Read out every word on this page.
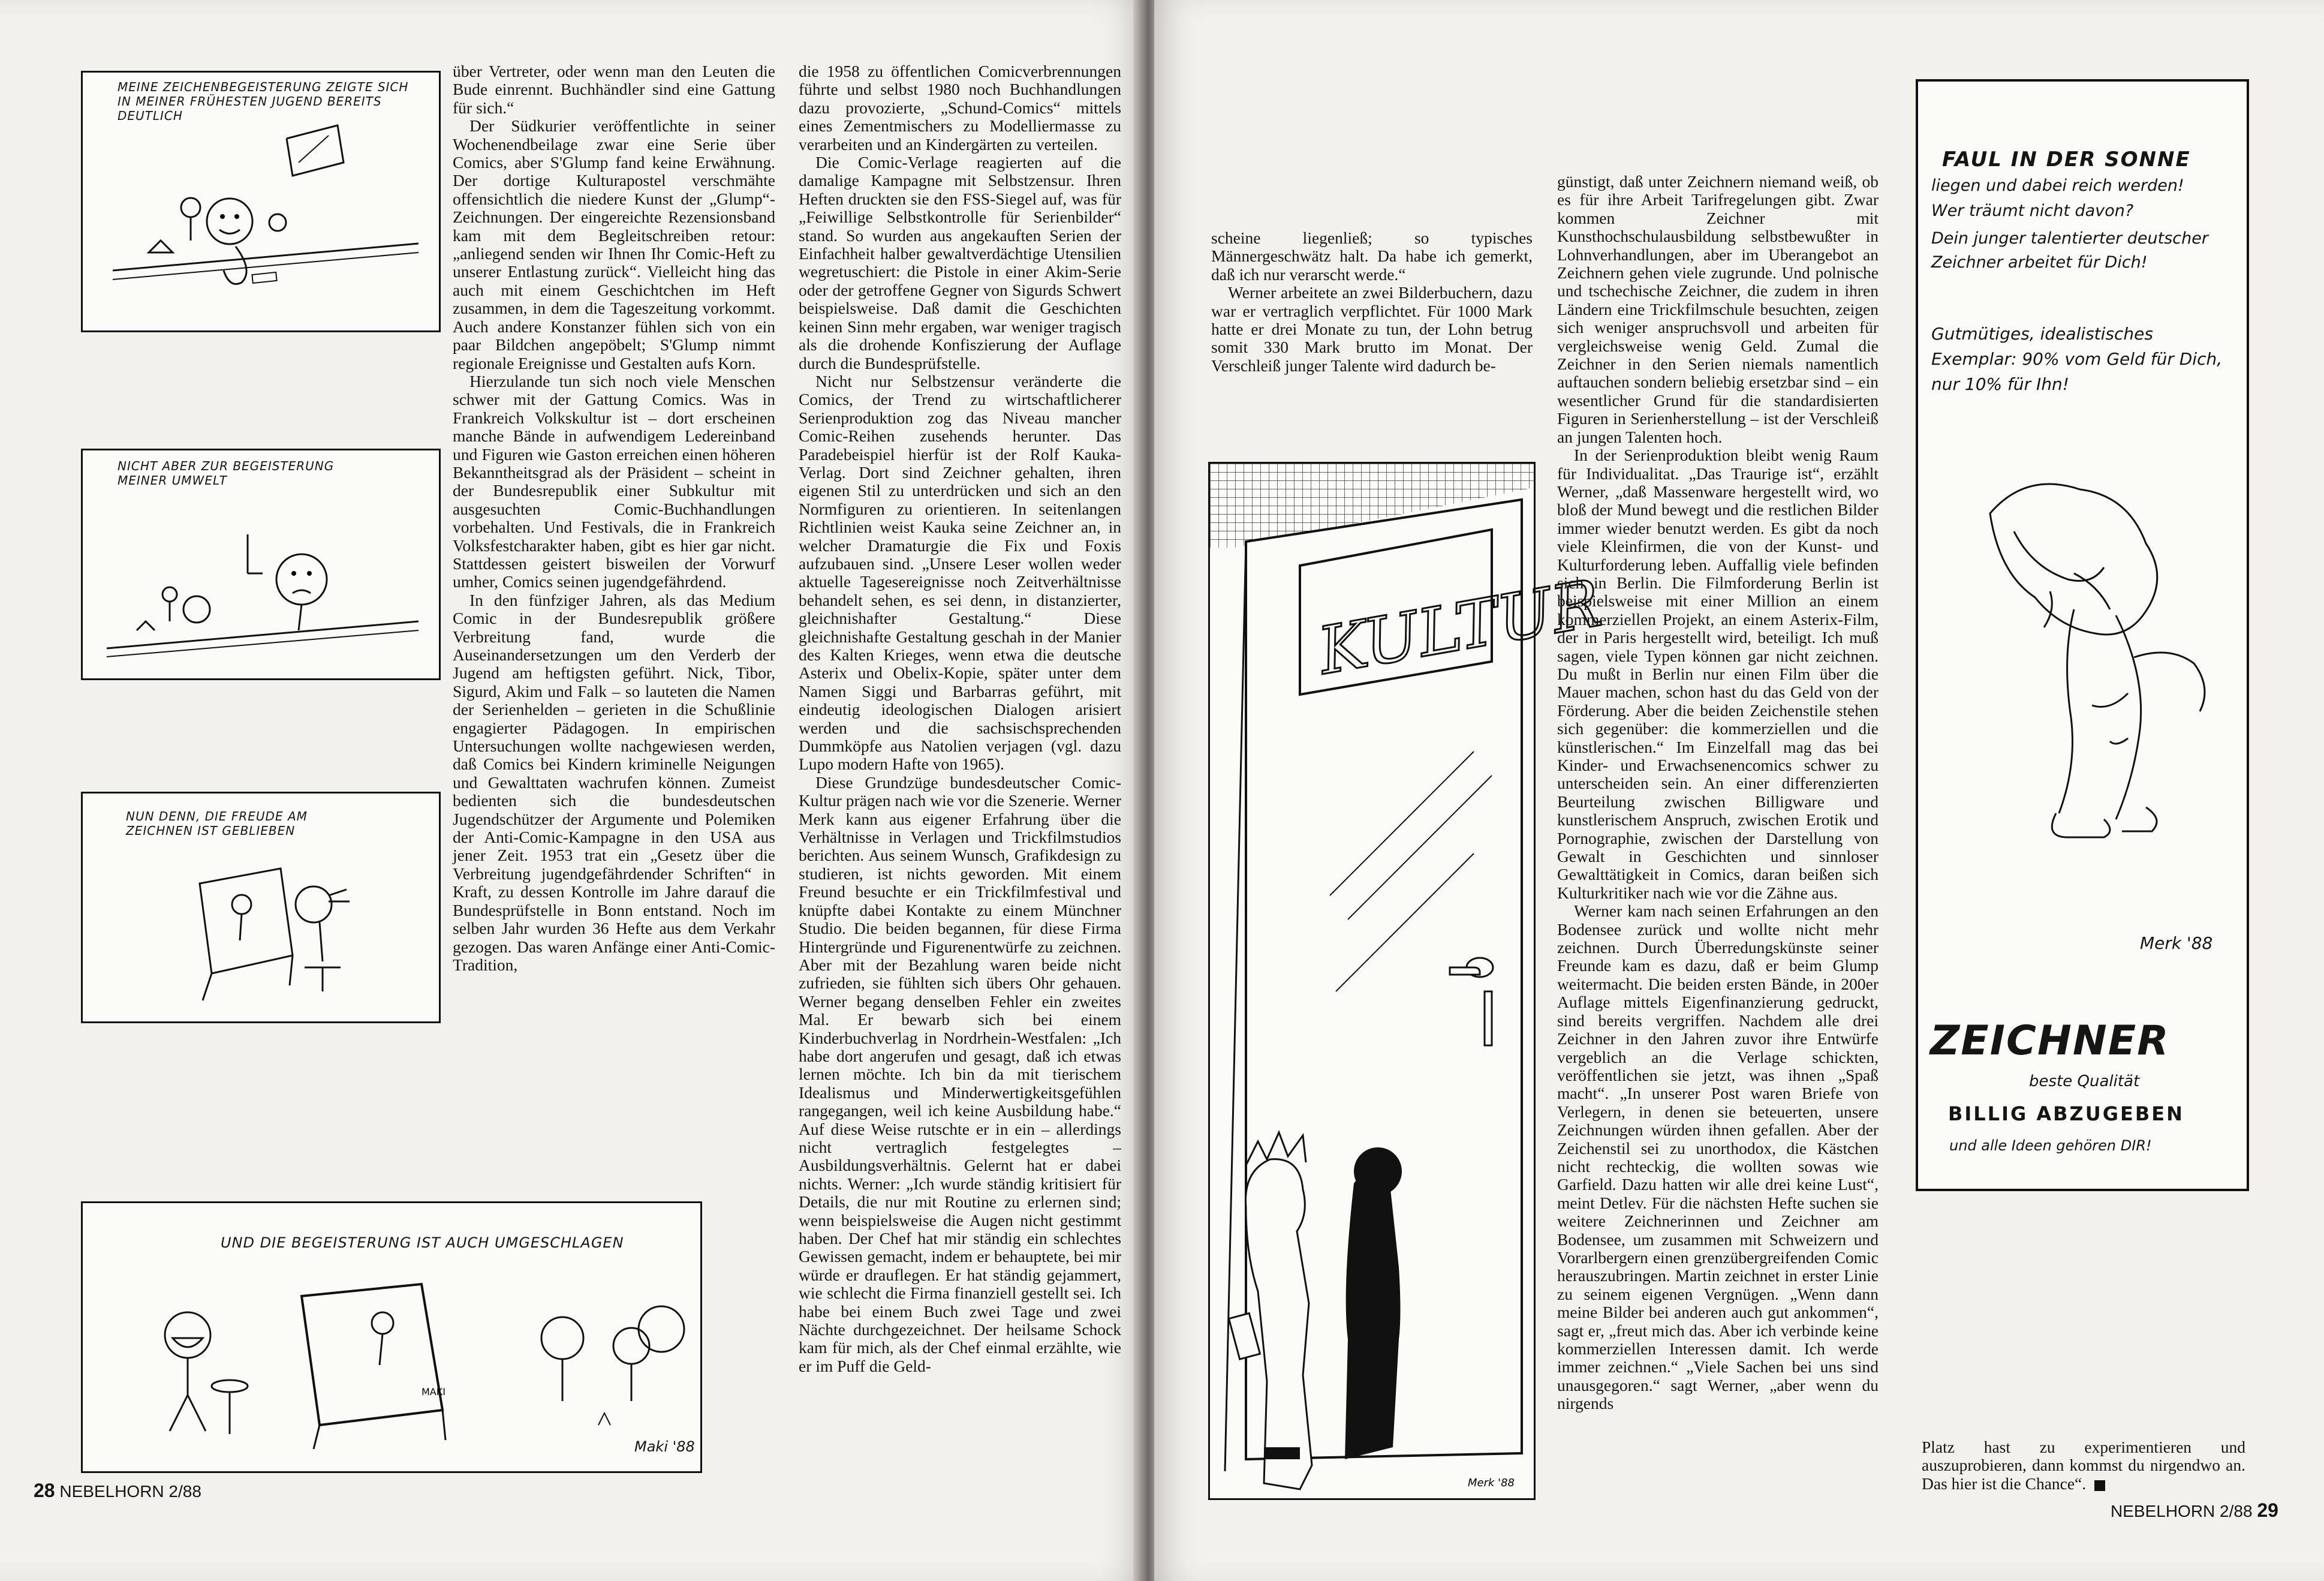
MEINE ZEICHENBEGEISTERUNG ZEIGTE SICH IN MEINER FRÜHESTEN JUGEND BEREITS DEUTLICH
NICHT ABER ZUR BEGEISTERUNG MEINER UMWELT
NUN DENN, DIE FREUDE AM ZEICHNEN IST GEBLIEBEN
UND DIE BEGEISTERUNG IST AUCH UMGESCHLAGEN
MAKI
Maki '88

über Vertreter, oder wenn man den Leuten die Bude einrennt. Buchhändler sind eine Gattung für sich.“

Der Südkurier veröffentlichte in seiner Wochenendbeilage zwar eine Serie über Comics, aber S'Glump fand keine Erwähnung. Der dortige Kulturapostel verschmähte offensichtlich die niedere Kunst der „Glump“-Zeichnungen. Der eingereichte Rezensionsband kam mit dem Begleitschreiben retour: „anliegend senden wir Ihnen Ihr Comic-Heft zu unserer Entlastung zurück“. Vielleicht hing das auch mit einem Geschichtchen im Heft zusammen, in dem die Tageszeitung vorkommt. Auch andere Konstanzer fühlen sich von ein paar Bildchen angepöbelt; S'Glump nimmt regionale Ereignisse und Gestalten aufs Korn.

Hierzulande tun sich noch viele Menschen schwer mit der Gattung Comics. Was in Frankreich Volkskultur ist – dort erscheinen manche Bände in aufwendigem Ledereinband und Figuren wie Gaston erreichen einen höheren Bekanntheitsgrad als der Präsident – scheint in der Bundesrepublik einer Subkultur mit ausgesuchten Comic-Buchhandlungen vorbehalten. Und Festivals, die in Frankreich Volksfestcharakter haben, gibt es hier gar nicht. Stattdessen geistert bisweilen der Vorwurf umher, Comics seinen jugendgefährdend.

In den fünfziger Jahren, als das Medium Comic in der Bundesrepublik größere Verbreitung fand, wurde die Auseinandersetzungen um den Verderb der Jugend am heftigsten geführt. Nick, Tibor, Sigurd, Akim und Falk – so lauteten die Namen der Serienhelden – gerieten in die Schußlinie engagierter Pädagogen. In empirischen Untersuchungen wollte nachgewiesen werden, daß Comics bei Kindern kriminelle Neigungen und Gewalttaten wachrufen können. Zumeist bedienten sich die bundesdeutschen Jugendschützer der Argumente und Polemiken der Anti-Comic-Kampagne in den USA aus jener Zeit. 1953 trat ein „Gesetz über die Verbreitung jugendgefährdender Schriften“ in Kraft, zu dessen Kontrolle im Jahre darauf die Bundesprüfstelle in Bonn entstand. Noch im selben Jahr wurden 36 Hefte aus dem Verkahr gezogen. Das waren Anfänge einer Anti-Comic-Tradition,

die 1958 zu öffentlichen Comicverbrennungen führte und selbst 1980 noch Buchhandlungen dazu provozierte, „Schund-Comics“ mittels eines Zementmischers zu Modelliermasse zu verarbeiten und an Kindergärten zu verteilen.

Die Comic-Verlage reagierten auf die damalige Kampagne mit Selbstzensur. Ihren Heften druckten sie den FSS-Siegel auf, was für „Feiwillige Selbstkontrolle für Serienbilder“ stand. So wurden aus angekauften Serien der Einfachheit halber gewaltverdächtige Utensilien wegretuschiert: die Pistole in einer Akim-Serie oder der getroffene Gegner von Sigurds Schwert beispielsweise. Daß damit die Geschichten keinen Sinn mehr ergaben, war weniger tragisch als die drohende Konfiszierung der Auflage durch die Bundesprüfstelle.

Nicht nur Selbstzensur veränderte die Comics, der Trend zu wirtschaftlicherer Serienproduktion zog das Niveau mancher Comic-Reihen zusehends herunter. Das Paradebeispiel hierfür ist der Rolf Kauka-Verlag. Dort sind Zeichner gehalten, ihren eigenen Stil zu unterdrücken und sich an den Normfiguren zu orientieren. In seitenlangen Richtlinien weist Kauka seine Zeichner an, in welcher Dramaturgie die Fix und Foxis aufzubauen sind. „Unsere Leser wollen weder aktuelle Tagesereignisse noch Zeitverhältnisse behandelt sehen, es sei denn, in distanzierter, gleichnishafter Gestaltung.“ Diese gleichnishafte Gestaltung geschah in der Manier des Kalten Krieges, wenn etwa die deutsche Asterix und Obelix-Kopie, später unter dem Namen Siggi und Barbarras geführt, mit eindeutig ideologischen Dialogen arisiert werden und die sachsischsprechenden Dummköpfe aus Natolien verjagen (vgl. dazu Lupo modern Hafte von 1965).

Diese Grundzüge bundesdeutscher Comic-Kultur prägen nach wie vor die Szenerie. Werner Merk kann aus eigener Erfahrung über die Verhältnisse in Verlagen und Trickfilmstudios berichten. Aus seinem Wunsch, Grafikdesign zu studieren, ist nichts geworden. Mit einem Freund besuchte er ein Trickfilmfestival und knüpfte dabei Kontakte zu einem Münchner Studio. Die beiden begannen, für diese Firma Hintergründe und Figurenentwürfe zu zeichnen. Aber mit der Bezahlung waren beide nicht zufrieden, sie fühlten sich übers Ohr gehauen. Werner begang denselben Fehler ein zweites Mal. Er bewarb sich bei einem Kinderbuchverlag in Nordrhein-Westfalen: „Ich habe dort angerufen und gesagt, daß ich etwas lernen möchte. Ich bin da mit tierischem Idealismus und Minderwertigkeitsgefühlen rangegangen, weil ich keine Ausbildung habe.“ Auf diese Weise rutschte er in ein – allerdings nicht vertraglich festgelegtes – Ausbildungsverhältnis. Gelernt hat er dabei nichts. Werner: „Ich wurde ständig kritisiert für Details, die nur mit Routine zu erlernen sind; wenn beispielsweise die Augen nicht gestimmt haben. Der Chef hat mir ständig ein schlechtes Gewissen gemacht, indem er behauptete, bei mir würde er drauflegen. Er hat ständig gejammert, wie schlecht die Firma finanziell gestellt sei. Ich habe bei einem Buch zwei Tage und zwei Nächte durchgezeichnet. Der heilsame Schock kam für mich, als der Chef einmal erzählte, wie er im Puff die Geld-

28 NEBELHORN 2/88

scheine liegenließ; so typisches Männergeschwätz halt. Da habe ich gemerkt, daß ich nur verarscht werde.“

Werner arbeitete an zwei Bilderbuchern, dazu war er vertraglich verpflichtet. Für 1000 Mark hatte er drei Monate zu tun, der Lohn betrug somit 330 Mark brutto im Monat. Der Verschleiß junger Talente wird dadurch be-

KULTUR
Merk '88

günstigt, daß unter Zeichnern niemand weiß, ob es für ihre Arbeit Tarifregelungen gibt. Zwar kommen Zeichner mit Kunsthochschulausbildung selbstbewußter in Lohnverhandlungen, aber im Uberangebot an Zeichnern gehen viele zugrunde. Und polnische und tschechische Zeichner, die zudem in ihren Ländern eine Trickfilmschule besuchten, zeigen sich weniger anspruchsvoll und arbeiten für vergleichsweise wenig Geld. Zumal die Zeichner in den Serien niemals namentlich auftauchen sondern beliebig ersetzbar sind – ein wesentlicher Grund für die standardisierten Figuren in Serienherstellung – ist der Verschleiß an jungen Talenten hoch.

In der Serienproduktion bleibt wenig Raum für Individualitat. „Das Traurige ist“, erzählt Werner, „daß Massenware hergestellt wird, wo bloß der Mund bewegt und die restlichen Bilder immer wieder benutzt werden. Es gibt da noch viele Kleinfirmen, die von der Kunst- und Kulturforderung leben. Auffallig viele befinden sich in Berlin. Die Filmforderung Berlin ist beispielsweise mit einer Million an einem kommerziellen Projekt, an einem Asterix-Film, der in Paris hergestellt wird, beteiligt. Ich muß sagen, viele Typen können gar nicht zeichnen. Du mußt in Berlin nur einen Film über die Mauer machen, schon hast du das Geld von der Förderung. Aber die beiden Zeichenstile stehen sich gegenüber: die kommerziellen und die künstlerischen.“ Im Einzelfall mag das bei Kinder- und Erwachsenencomics schwer zu unterscheiden sein. An einer differenzierten Beurteilung zwischen Billigware und kunstlerischem Anspruch, zwischen Erotik und Pornographie, zwischen der Darstellung von Gewalt in Geschichten und sinnloser Gewalttätigkeit in Comics, daran beißen sich Kulturkritiker nach wie vor die Zähne aus.

Werner kam nach seinen Erfahrungen an den Bodensee zurück und wollte nicht mehr zeichnen. Durch Überredungskünste seiner Freunde kam es dazu, daß er beim Glump weitermacht. Die beiden ersten Bände, in 200er Auflage mittels Eigenfinanzierung gedruckt, sind bereits vergriffen. Nachdem alle drei Zeichner in den Jahren zuvor ihre Entwürfe vergeblich an die Verlage schickten, veröffentlichen sie jetzt, was ihnen „Spaß macht“. „In unserer Post waren Briefe von Verlegern, in denen sie beteuerten, unsere Zeichnungen würden ihnen gefallen. Aber der Zeichenstil sei zu unorthodox, die Kästchen nicht rechteckig, die wollten sowas wie Garfield. Dazu hatten wir alle drei keine Lust“, meint Detlev. Für die nächsten Hefte suchen sie weitere Zeichnerinnen und Zeichner am Bodensee, um zusammen mit Schweizern und Vorarlbergern einen grenzübergreifenden Comic herauszubringen. Martin zeichnet in erster Linie zu seinem eigenen Vergnügen. „Wenn dann meine Bilder bei anderen auch gut ankommen“, sagt er, „freut mich das. Aber ich verbinde keine kommerziellen Interessen damit. Ich werde immer zeichnen.“ „Viele Sachen bei uns sind unausgegoren.“ sagt Werner, „aber wenn du nirgends

FAUL IN DER SONNE
liegen und dabei reich werden!
Wer träumt nicht davon?
Dein junger talentierter deutscher Zeichner arbeitet für Dich!
Gutmütiges, idealistisches Exemplar: 90% vom Geld für Dich, nur 10% für Ihn!
Merk '88
ZEICHNER
beste Qualität
BILLIG ABZUGEBEN
und alle Ideen gehören DIR!

Platz hast zu experimentieren und auszuprobieren, dann kommst du nirgendwo an. Das hier ist die Chance“.

NEBELHORN 2/88 29
